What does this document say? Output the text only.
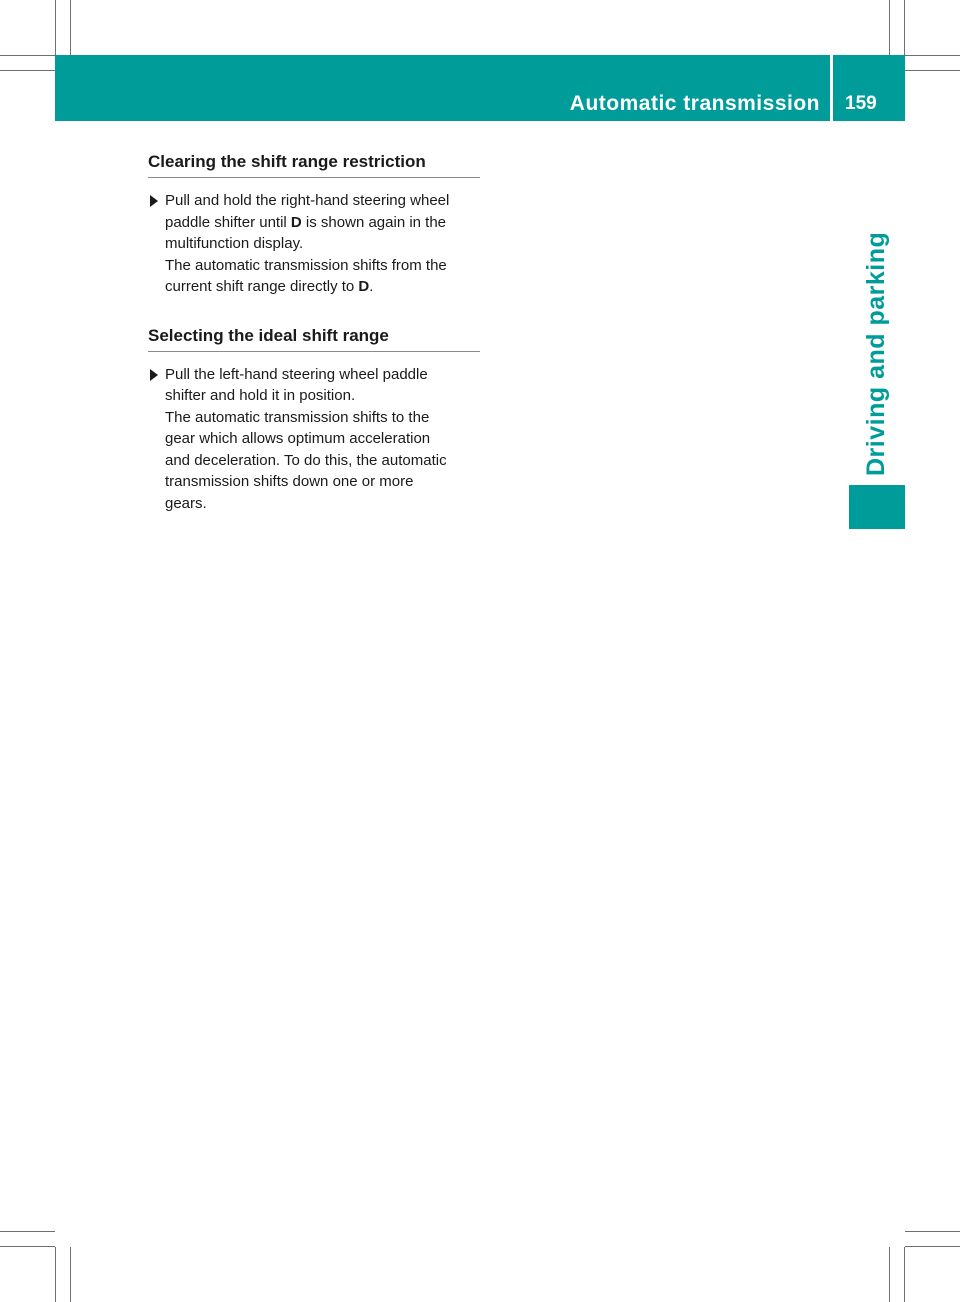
Automatic transmission 159
Driving and parking
Clearing the shift range restriction
Pull and hold the right-hand steering wheel
paddle shifter until D is shown again in the
multifunction display.
The automatic transmission shifts from the
current shift range directly to D.
Selecting the ideal shift range
Pull the left-hand steering wheel paddle
shifter and hold it in position.
The automatic transmission shifts to the
gear which allows optimum acceleration
and deceleration. To do this, the automatic
transmission shifts down one or more
gears.
